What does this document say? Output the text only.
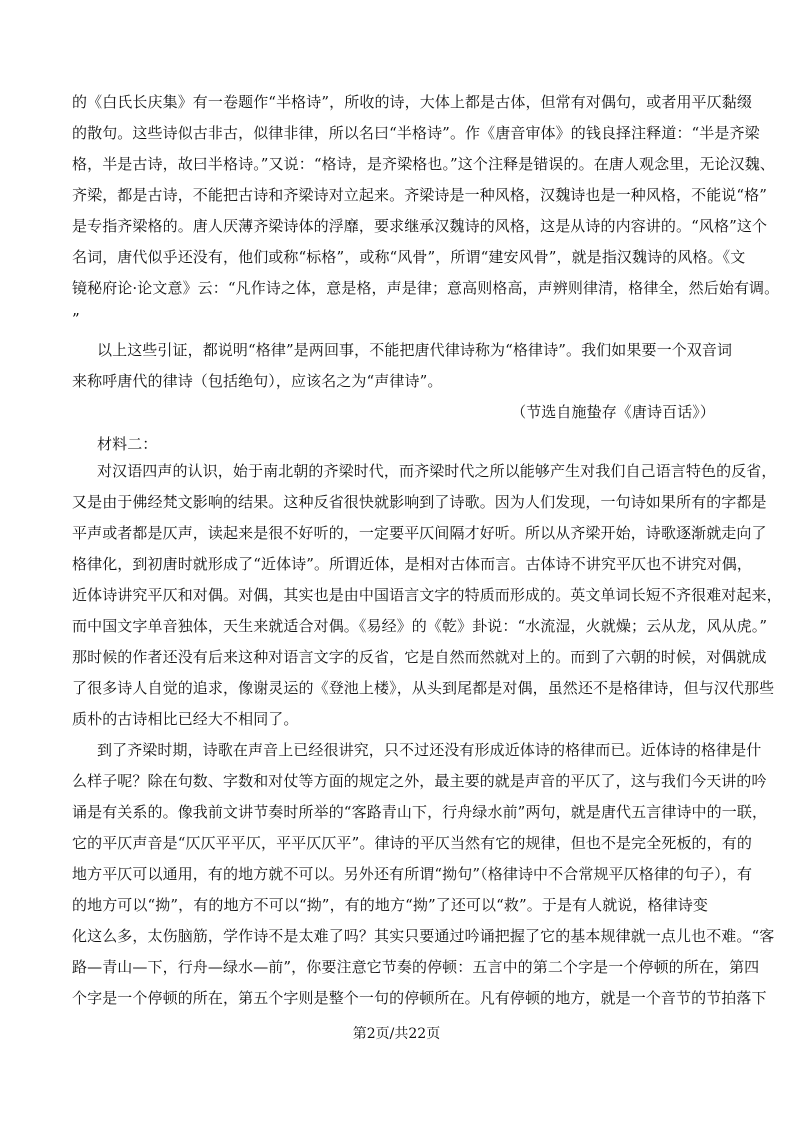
的《白氏长庆集》有一卷题作“半格诗”，所收的诗，大体上都是古体，但常有对偶句，或者用平仄黏缀
的散句。这些诗似古非古，似律非律，所以名曰“半格诗”。作《唐音审体》的钱良择注释道：“半是齐梁
格，半是古诗，故曰半格诗。”又说：“格诗，是齐梁格也。”这个注释是错误的。在唐人观念里，无论汉魏、
齐梁，都是古诗，不能把古诗和齐梁诗对立起来。齐梁诗是一种风格，汉魏诗也是一种风格，不能说“格”
是专指齐梁格的。唐人厌薄齐梁诗体的浮靡，要求继承汉魏诗的风格，这是从诗的内容讲的。“风格”这个
名词，唐代似乎还没有，他们或称“标格”，或称“风骨”，所谓“建安风骨”，就是指汉魏诗的风格。《文
镜秘府论·论文意》云：“凡作诗之体，意是格，声是律；意高则格高，声辨则律清，格律全，然后始有调。
”
以上这些引证，都说明“格律”是两回事，不能把唐代律诗称为“格律诗”。我们如果要一个双音词
来称呼唐代的律诗（包括绝句），应该名之为“声律诗”。
（节选自施蛰存《唐诗百话》）
材料二：
对汉语四声的认识，始于南北朝的齐梁时代，而齐梁时代之所以能够产生对我们自己语言特色的反省，
又是由于佛经梵文影响的结果。这种反省很快就影响到了诗歌。因为人们发现，一句诗如果所有的字都是
平声或者都是仄声，读起来是很不好听的，一定要平仄间隔才好听。所以从齐梁开始，诗歌逐渐就走向了
格律化，到初唐时就形成了“近体诗”。所谓近体，是相对古体而言。古体诗不讲究平仄也不讲究对偶，
近体诗讲究平仄和对偶。对偶，其实也是由中国语言文字的特质而形成的。英文单词长短不齐很难对起来，
而中国文字单音独体，天生来就适合对偶。《易经》的《乾》卦说：“水流湿，火就燥；云从龙，风从虎。”
那时候的作者还没有后来这种对语言文字的反省，它是自然而然就对上的。而到了六朝的时候，对偶就成
了很多诗人自觉的追求，像谢灵运的《登池上楼》，从头到尾都是对偶，虽然还不是格律诗，但与汉代那些
质朴的古诗相比已经大不相同了。
到了齐梁时期，诗歌在声音上已经很讲究，只不过还没有形成近体诗的格律而已。近体诗的格律是什
么样子呢？除在句数、字数和对仗等方面的规定之外，最主要的就是声音的平仄了，这与我们今天讲的吟
诵是有关系的。像我前文讲节奏时所举的“客路青山下，行舟绿水前”两句，就是唐代五言律诗中的一联，
它的平仄声音是“仄仄平平仄，平平仄仄平”。律诗的平仄当然有它的规律，但也不是完全死板的，有的
地方平仄可以通用，有的地方就不可以。另外还有所谓“拗句”（格律诗中不合常规平仄格律的句子），有
的地方可以“拗”，有的地方不可以“拗”，有的地方“拗”了还可以“救”。于是有人就说，格律诗变
化这么多，太伤脑筋，学作诗不是太难了吗？其实只要通过吟诵把握了它的基本规律就一点儿也不难。“客
路—青山—下，行舟—绿水—前”，你要注意它节奏的停顿：五言中的第二个字是一个停顿的所在，第四
个字是一个停顿的所在，第五个字则是整个一句的停顿所在。凡有停顿的地方，就是一个音节的节拍落下
第2页/共22页
